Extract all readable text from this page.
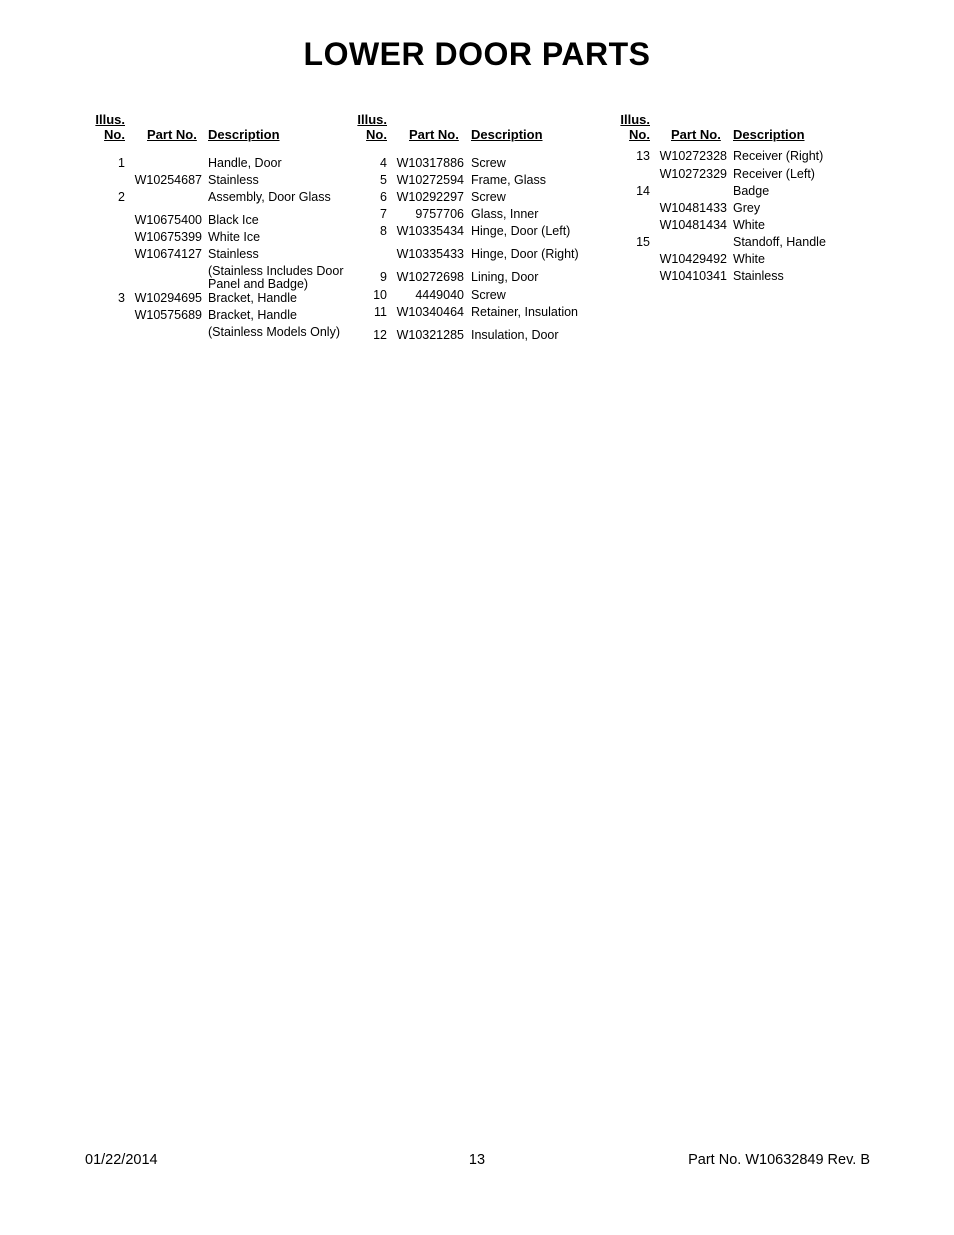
LOWER DOOR PARTS
Illus.
No. Part No. Description
1	Handle, Door
W10254687 Stainless
2	Assembly, Door Glass
W10675400 Black Ice
W10675399 White Ice
W10674127 Stainless
(Stainless Includes Door
Panel and Badge)
3 W10294695 Bracket, Handle
W10575689 Bracket, Handle
(Stainless Models Only)
Illus.
No. Part No. Description
4 W10317886 Screw
5 W10272594 Frame, Glass
6 W10292297 Screw
7	9757706 Glass, Inner
8 W10335434 Hinge, Door (Left)
W10335433 Hinge, Door (Right)
9 W10272698 Lining, Door
10	4449040 Screw
11 W10340464 Retainer, Insulation
12 W10321285 Insulation, Door
Illus.
No. Part No. Description
13 W10272328 Receiver (Right)
W10272329 Receiver (Left)
14	Badge
W10481433 Grey
W10481434 White
15	Standoff, Handle
W10429492 White
W10410341 Stainless
01/22/2014	13	Part No. W10632849 Rev. B
